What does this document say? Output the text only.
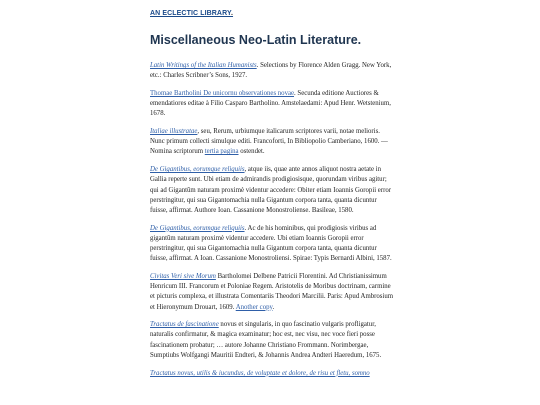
AN ECLECTIC LIBRARY.
Miscellaneous Neo-Latin Literature.

Latin Writings of the Italian Humanists. Selections by Florence Alden Gragg. New York, etc.: Charles Scribner’s Sons, 1927.

Thomae Bartholini De unicornu observationes novae. Secunda editione Auctiores & emendatiores editae à Filio Casparo Bartholino. Amstelaedami: Apud Henr. Wetstenium, 1678.

Italiae illustratae, seu, Rerum, urbiumque italicarum scriptores varii, notae melioris. Nunc primum collecti simulque editi. Francoforti, In Bibliopolio Camberiano, 1600. —Nomina scriptorum tertia pagina ostendet.

De Gigantibus, eorumque reliquiis, atque iis, quae ante annos aliquot nostra aetate in Gallia reperte sunt. Ubi etiam de admirandis prodigiosisque, quorundam viribus agitur; qui ad Gigantūm naturam proximè videntur accedere: Obiter etiam Ioannis Goropii error perstringitur, qui sua Gigantomachia nulla Gigantum corpora tanta, quanta dicuntur fuisse, affirmat. Authore Ioan. Cassanione Monostroliense. Basileae, 1580.

De Gigantibus, eorumque reliquiis. Ac de his hominibus, qui prodigiosis viribus ad gigantūm naturam proximè videntur accedere. Ubi etiam Ioannis Goropii error perstringitur, qui sua Gigantomachia nulla Gigantum corpora tanta, quanta dicuntur fuisse, affirmat. A Ioan. Cassanione Monostroliensi. Spirae: Typis Bernardi Albini, 1587.

Civitas Veri sive Morum Bartholomei Delbene Patricii Florentini. Ad Christianissimum Henricum III. Francorum et Poloniae Regem. Aristotelis de Moribus doctrinam, carmine et picturis complexa, et illustrata Comentariis Theodori Marcilii. Paris: Apud Ambrosium et Hieronymum Drouart, 1609. Another copy.

Tractatus de fascinatione novus et singularis, in quo fascinatio vulgaris profligatur, naturalis confirmatur, & magica examinatur; hoc est, nec visu, nec voce fieri posse fascinationem probatur; … autore Johanne Christiano Frommann. Norimbergae, Sumptiubs Wolfgangi Mauritii Endteri, & Johannis Andrea Andteri Haeredum, 1675.

Tractatus novus, utilis & iucundus, de voluptate et dolore, de risu et fletu, somno
